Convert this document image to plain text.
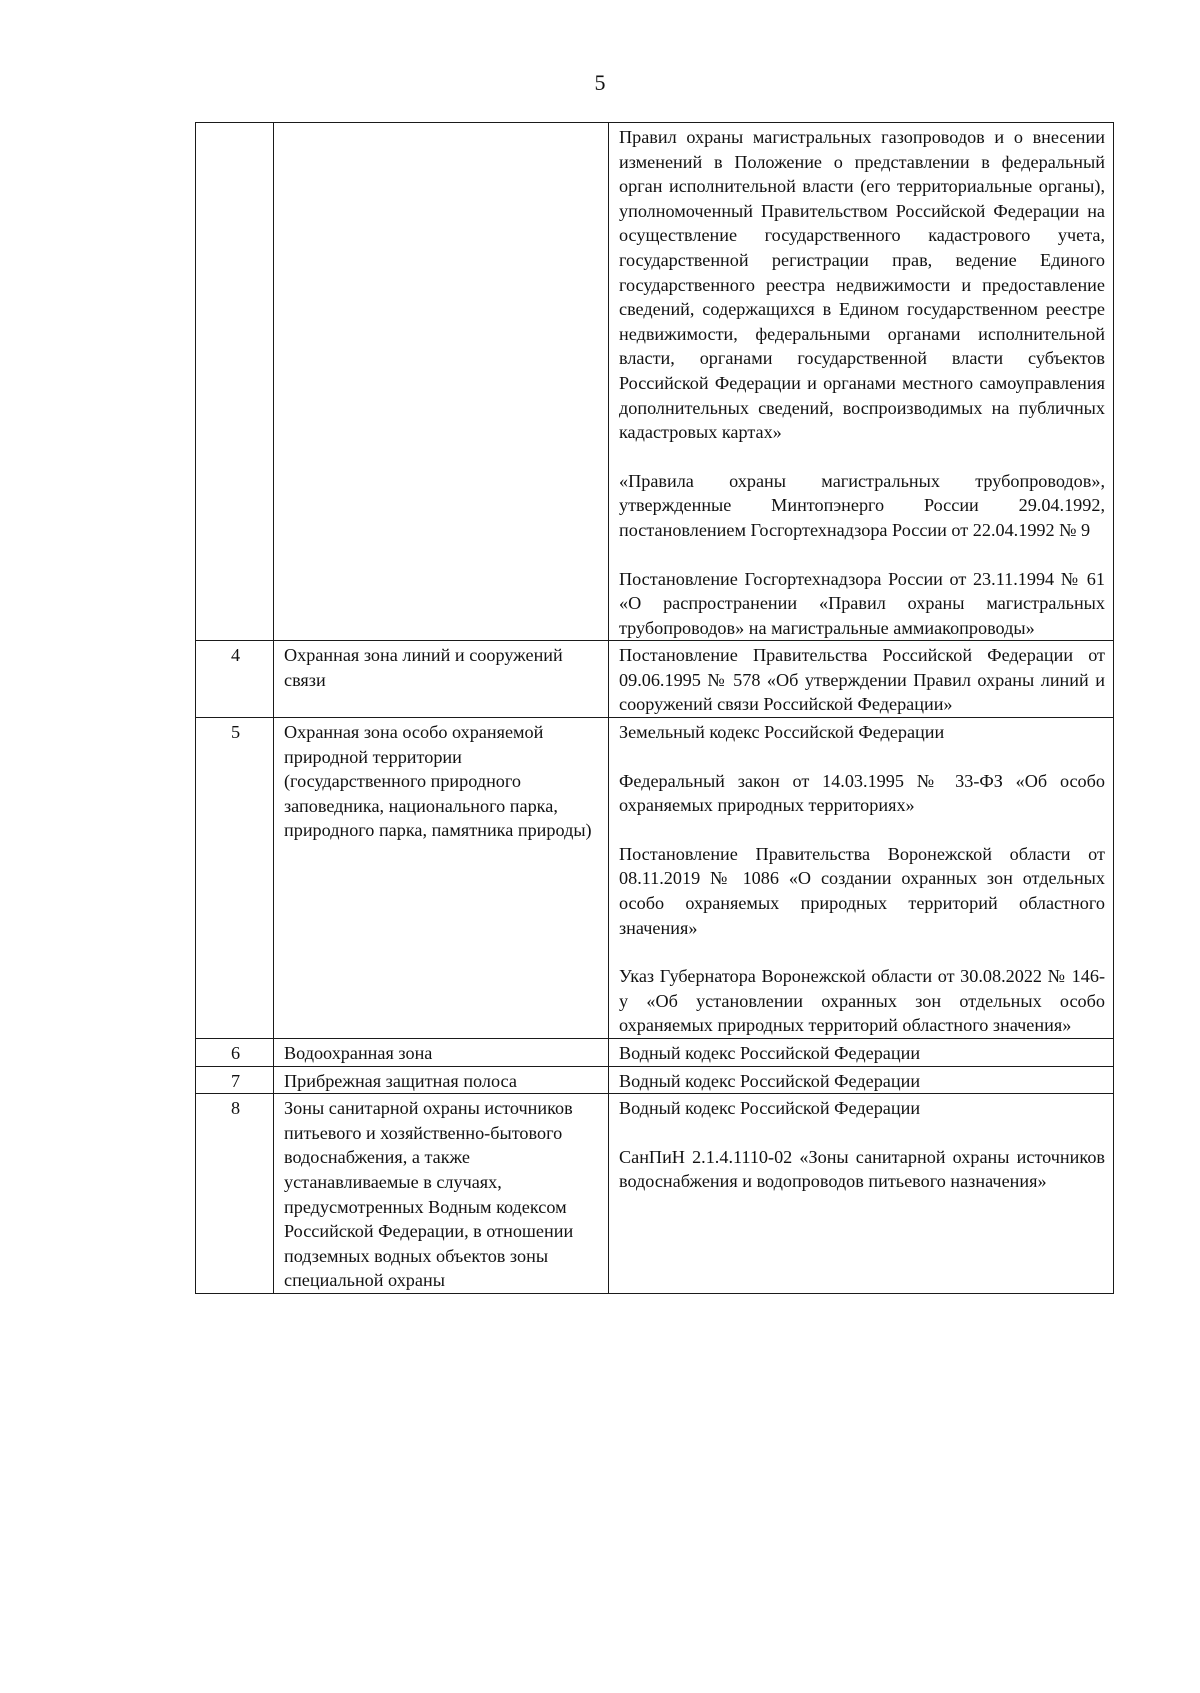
5

		Правил охраны магистральных газопроводов и о внесении изменений в Положение о представлении в федеральный орган исполнительной власти (его территориальные органы), уполномоченный Правительством Российской Федерации на осуществление государственного кадастрового учета, государственной регистрации прав, ведение Единого государственного реестра недвижимости и предоставление сведений, содержащихся в Едином государственном реестре недвижимости, федеральными органами исполнительной власти, органами государственной власти субъектов Российской Федерации и органами местного самоуправления дополнительных сведений, воспроизводимых на публичных кадастровых картах»

«Правила охраны магистральных трубопроводов», утвержденные Минтопэнерго России 29.04.1992, постановлением Госгортехнадзора России от 22.04.1992 № 9

Постановление Госгортехнадзора России от 23.11.1994 № 61 «О распространении «Правил охраны магистральных трубопроводов» на магистральные аммиакопроводы»

4	Охранная зона линий и сооружений связи	Постановление Правительства Российской Федерации от 09.06.1995 № 578 «Об утверждении Правил охраны линий и сооружений связи Российской Федерации»

5	Охранная зона особо охраняемой природной территории (государственного природного заповедника, национального парка, природного парка, памятника природы)	Земельный кодекс Российской Федерации

Федеральный закон от 14.03.1995 № 33-ФЗ «Об особо охраняемых природных территориях»

Постановление Правительства Воронежской области от 08.11.2019 № 1086 «О создании охранных зон отдельных особо охраняемых природных территорий областного значения»

Указ Губернатора Воронежской области от 30.08.2022 № 146-у «Об установлении охранных зон отдельных особо охраняемых природных территорий областного значения»

6	Водоохранная зона	Водный кодекс Российской Федерации

7	Прибрежная защитная полоса	Водный кодекс Российской Федерации

8	Зоны санитарной охраны источников питьевого и хозяйственно-бытового водоснабжения, а также устанавливаемые в случаях, предусмотренных Водным кодексом Российской Федерации, в отношении подземных водных объектов зоны специальной охраны	Водный кодекс Российской Федерации

СанПиН 2.1.4.1110-02 «Зоны санитарной охраны источников водоснабжения и водопроводов питьевого назначения»
